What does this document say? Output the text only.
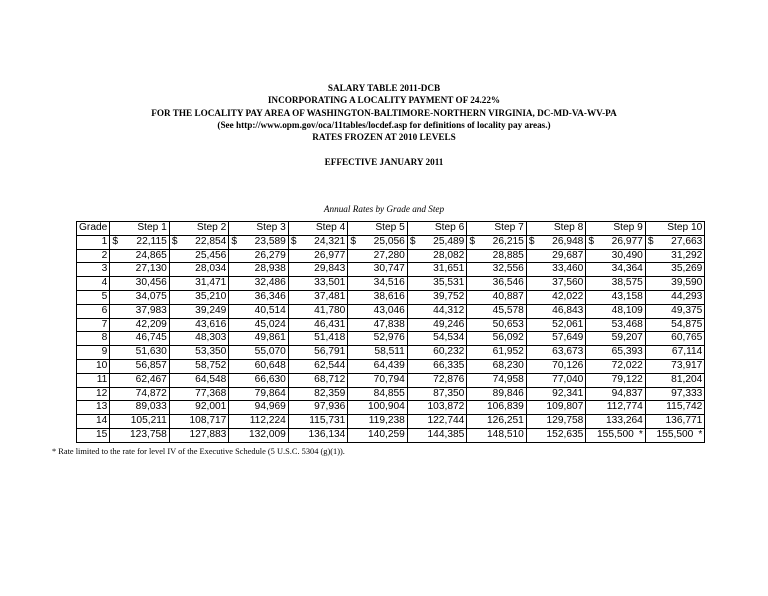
SALARY TABLE 2011-DCB
INCORPORATING A LOCALITY PAYMENT OF 24.22%
FOR THE LOCALITY PAY AREA OF WASHINGTON-BALTIMORE-NORTHERN VIRGINIA, DC-MD-VA-WV-PA
(See http://www.opm.gov/oca/11tables/locdef.asp for definitions of locality pay areas.)
RATES FROZEN AT 2010 LEVELS
EFFECTIVE JANUARY 2011
Annual Rates by Grade and Step
Grade	Step 1	Step 2	Step 3	Step 4	Step 5	Step 6	Step 7	Step 8	Step 9	Step 10
1	$ 22,115	$ 22,854	$ 23,589	$ 24,321	$ 25,056	$ 25,489	$ 26,215	$ 26,948	$ 26,977	$ 27,663
2	24,865	25,456	26,279	26,977	27,280	28,082	28,885	29,687	30,490	31,292
3	27,130	28,034	28,938	29,843	30,747	31,651	32,556	33,460	34,364	35,269
4	30,456	31,471	32,486	33,501	34,516	35,531	36,546	37,560	38,575	39,590
5	34,075	35,210	36,346	37,481	38,616	39,752	40,887	42,022	43,158	44,293
6	37,983	39,249	40,514	41,780	43,046	44,312	45,578	46,843	48,109	49,375
7	42,209	43,616	45,024	46,431	47,838	49,246	50,653	52,061	53,468	54,875
8	46,745	48,303	49,861	51,418	52,976	54,534	56,092	57,649	59,207	60,765
9	51,630	53,350	55,070	56,791	58,511	60,232	61,952	63,673	65,393	67,114
10	56,857	58,752	60,648	62,544	64,439	66,335	68,230	70,126	72,022	73,917
11	62,467	64,548	66,630	68,712	70,794	72,876	74,958	77,040	79,122	81,204
12	74,872	77,368	79,864	82,359	84,855	87,350	89,846	92,341	94,837	97,333
13	89,033	92,001	94,969	97,936	100,904	103,872	106,839	109,807	112,774	115,742
14	105,211	108,717	112,224	115,731	119,238	122,744	126,251	129,758	133,264	136,771
15	123,758	127,883	132,009	136,134	140,259	144,385	148,510	152,635	155,500 *	155,500 *
* Rate limited to the rate for level IV of the Executive Schedule (5 U.S.C. 5304 (g)(1)).
